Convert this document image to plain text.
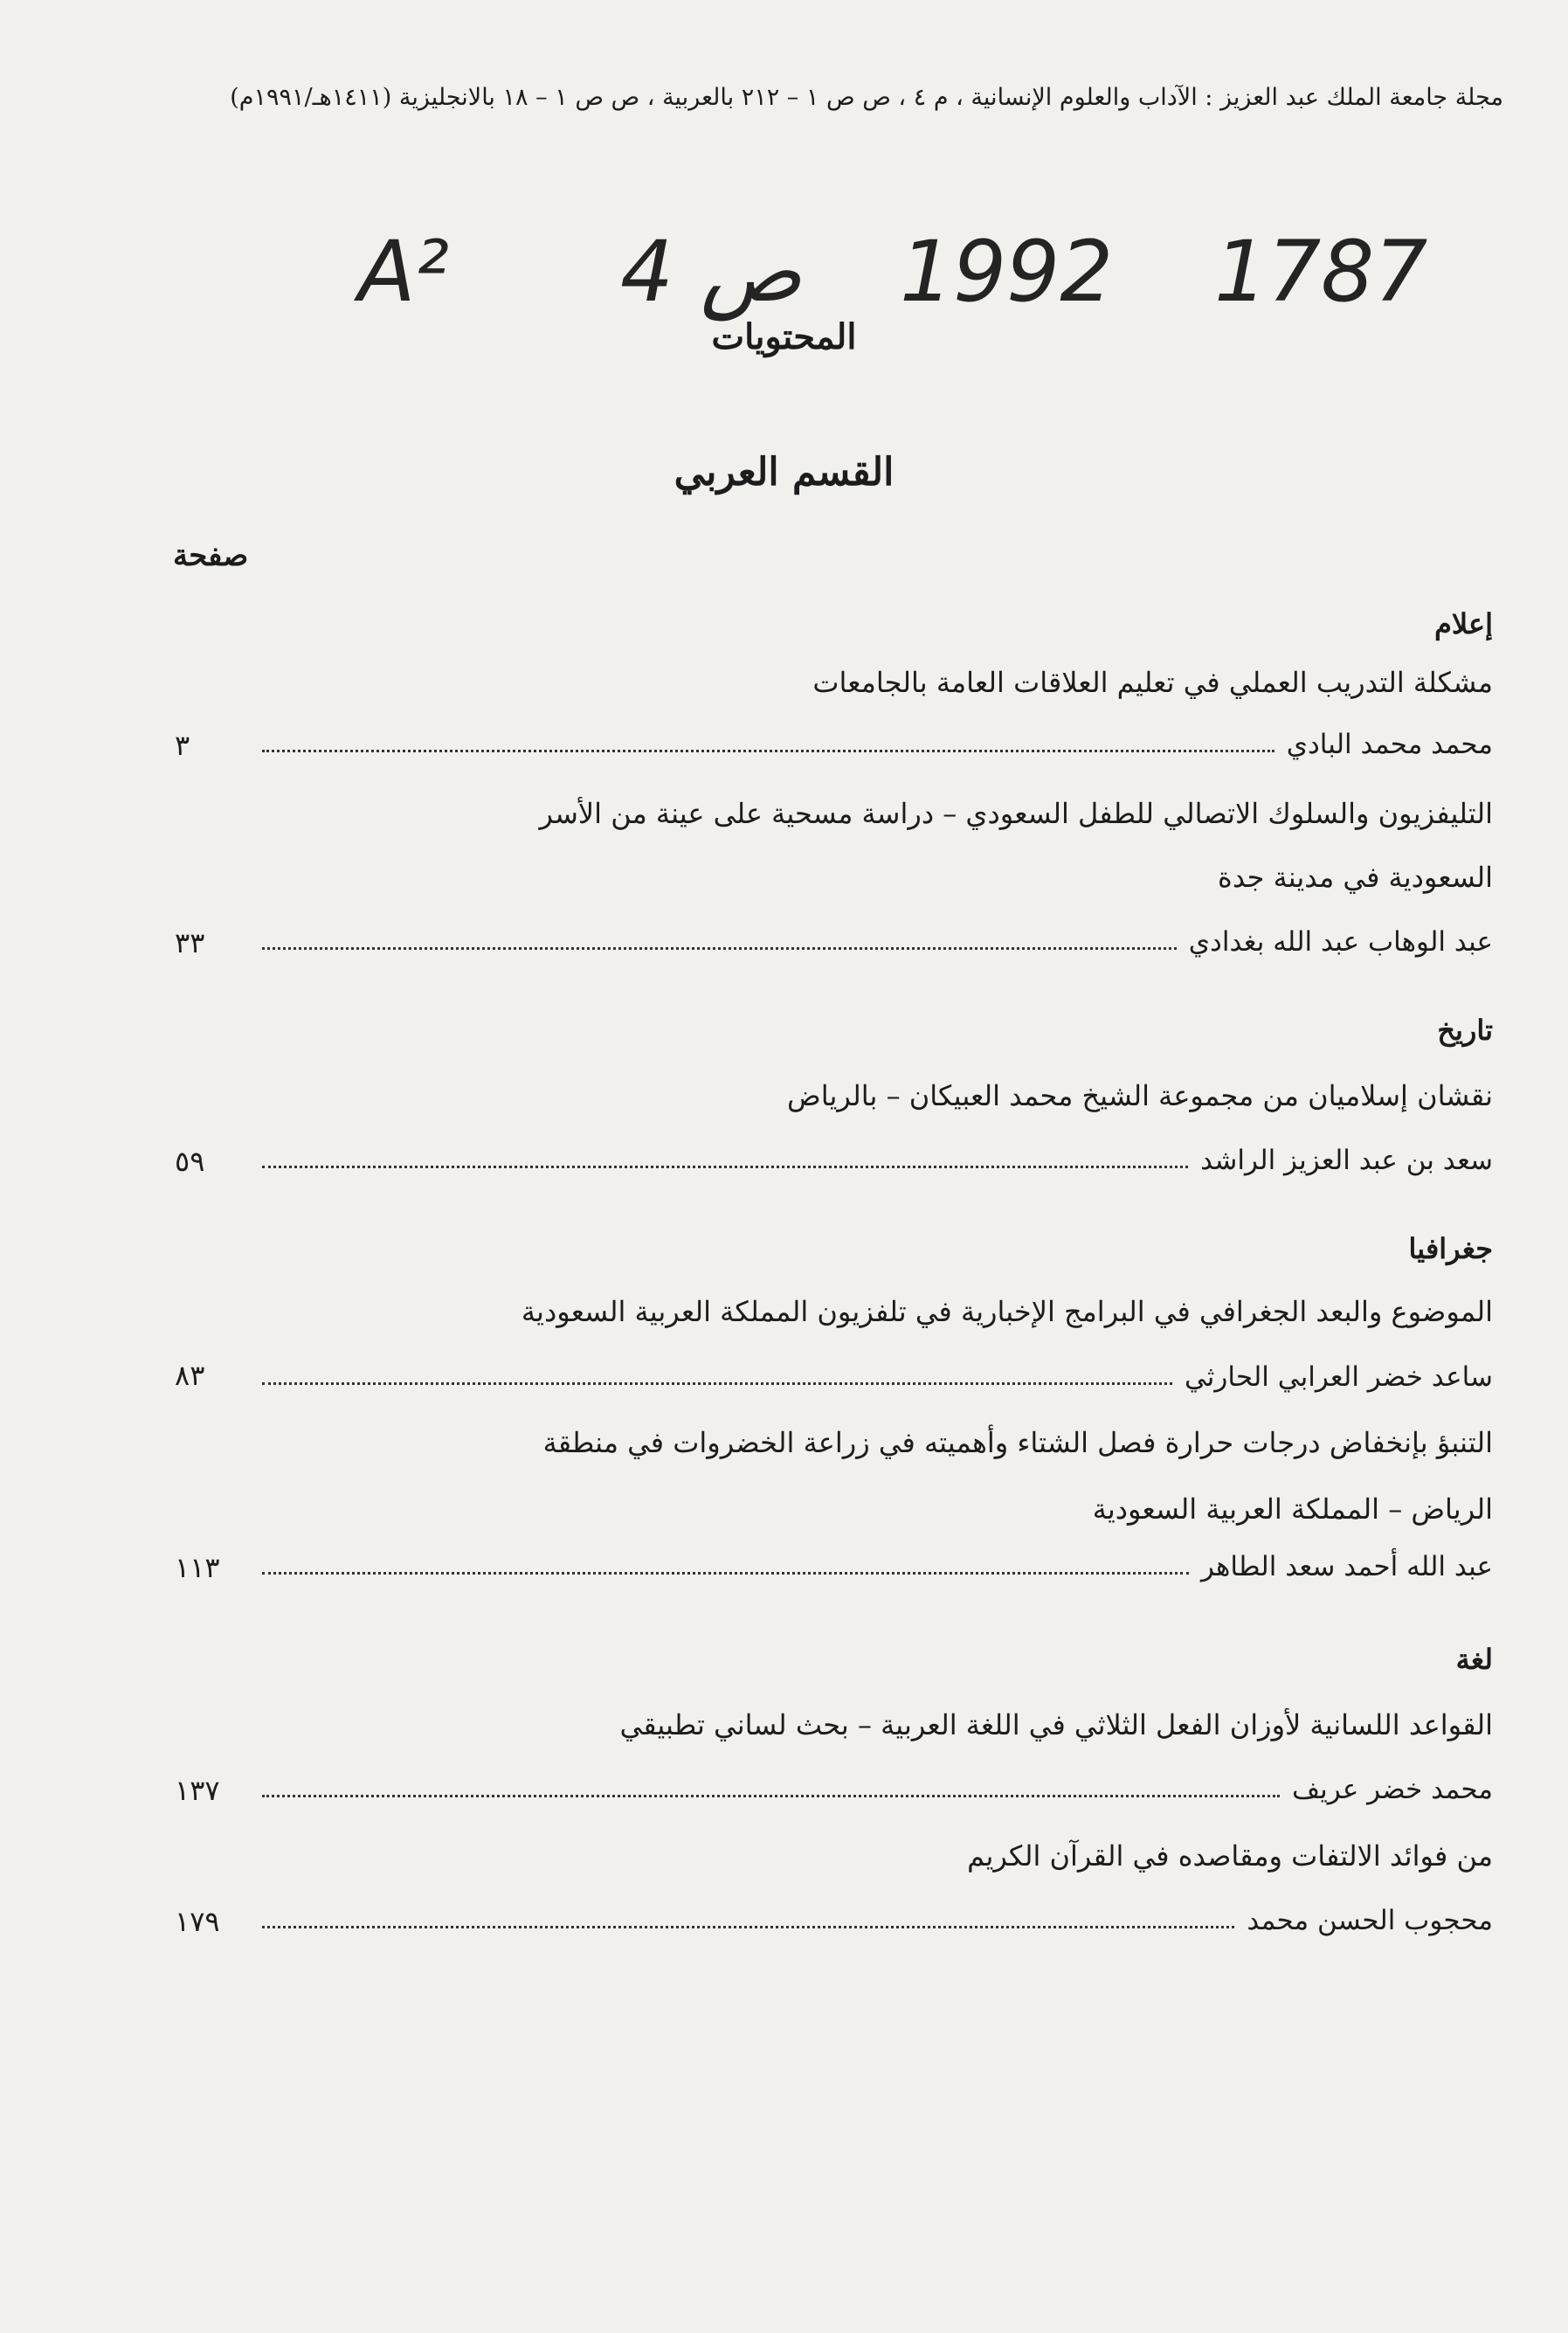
مجلة جامعة الملك عبد العزيز : الآداب والعلوم الإنسانية ، م ٤ ، ص ص ١ – ٢١٢ بالعربية ، ص ص ١ – ١٨ بالانجليزية (١٤١١هـ/١٩٩١م)
A² 4 ص 1992 1787
المحتويات
القسم العربي
صفحة
إعلام
مشكلة التدريب العملي في تعليم العلاقات العامة بالجامعات
محمد محمد البادي
٣
التليفزيون والسلوك الاتصالي للطفل السعودي – دراسة مسحية على عينة من الأسر
السعودية في مدينة جدة
عبد الوهاب عبد الله بغدادي
٣٣
تاريخ
نقشان إسلاميان من مجموعة الشيخ محمد العبيكان – بالرياض
سعد بن عبد العزيز الراشد
٥٩
جغرافيا
الموضوع والبعد الجغرافي في البرامج الإخبارية في تلفزيون المملكة العربية السعودية
ساعد خضر العرابي الحارثي
٨٣
التنبؤ بإنخفاض درجات حرارة فصل الشتاء وأهميته في زراعة الخضروات في منطقة
الرياض – المملكة العربية السعودية
عبد الله أحمد سعد الطاهر
١١٣
لغة
القواعد اللسانية لأوزان الفعل الثلاثي في اللغة العربية – بحث لساني تطبيقي
محمد خضر عريف
١٣٧
من فوائد الالتفات ومقاصده في القرآن الكريم
محجوب الحسن محمد
١٧٩
